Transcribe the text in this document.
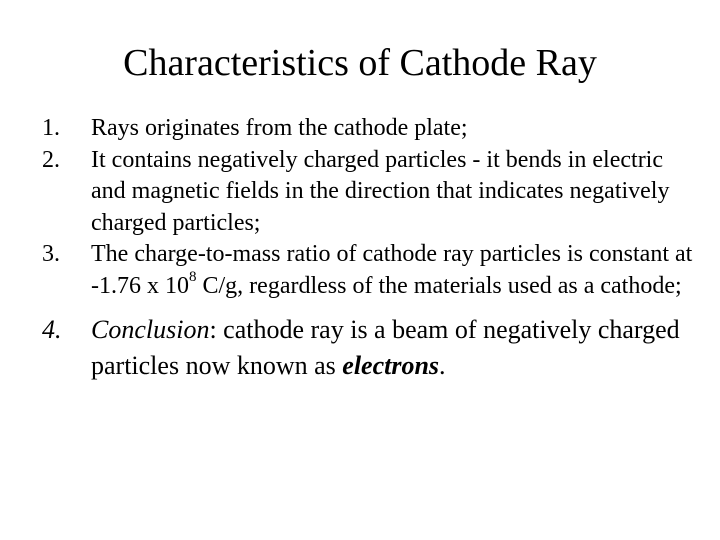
Characteristics of Cathode Ray
1. Rays originates from the cathode plate;
2. It contains negatively charged particles - it bends in electric and magnetic fields in the direction that indicates negatively charged particles;
3. The charge-to-mass ratio of cathode ray particles is constant at -1.76 x $10^8$ C/g, regardless of the materials used as a cathode;
4. Conclusion: cathode ray is a beam of negatively charged particles now known as electrons.
